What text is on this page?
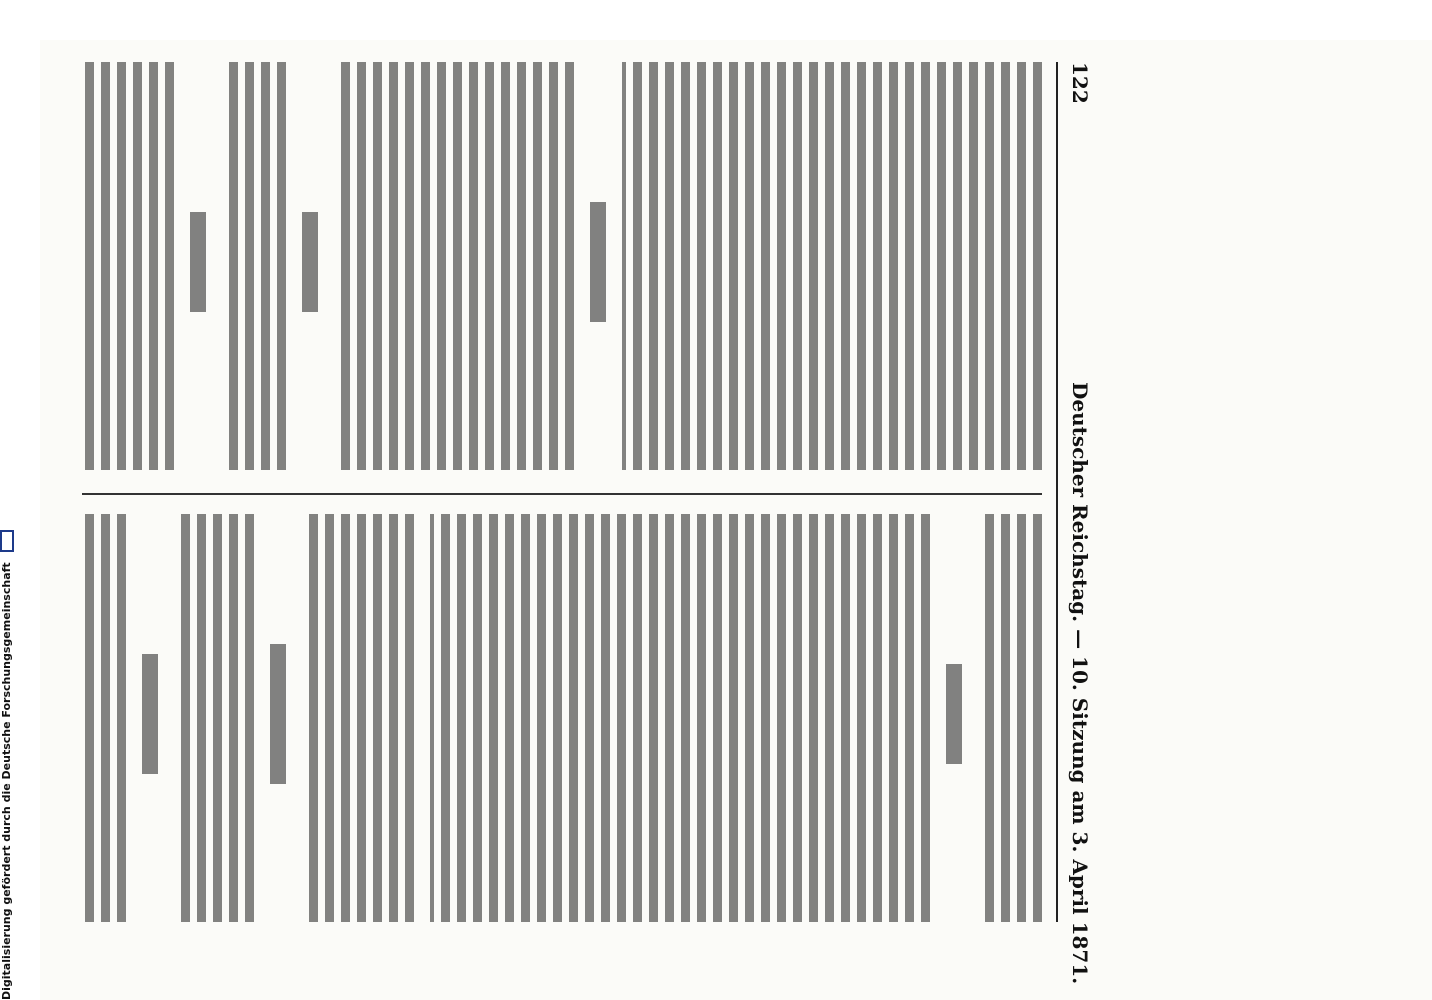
122
Deutscher Reichstag. — 10. Sitzung am 3. April 1871.
Digitalisierung gefördert durch die Deutsche Forschungsgemeinschaft
